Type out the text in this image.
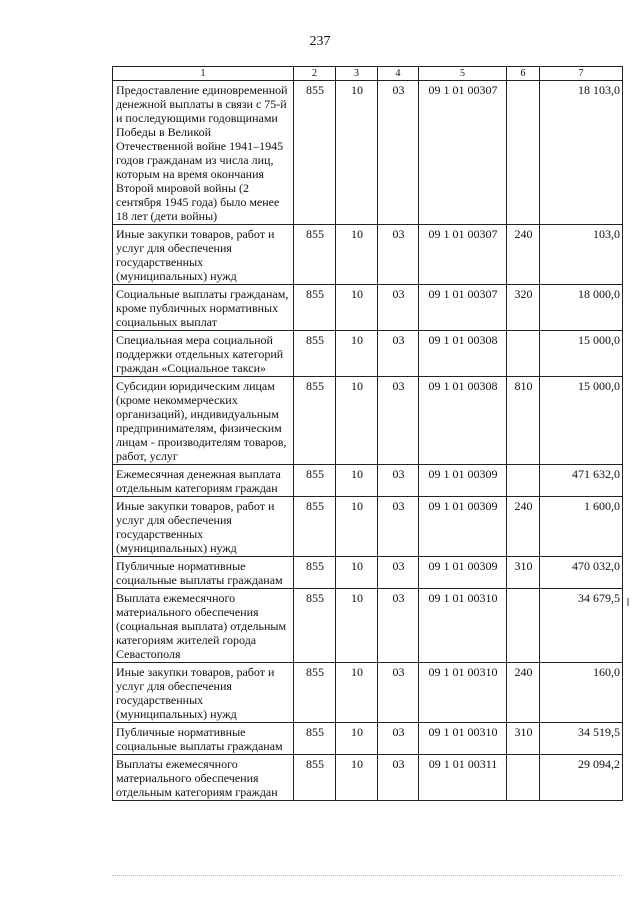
237
1	2	3	4	5	6	7
Предоставление единовременной денежной выплаты в связи с 75-й и последующими годовщинами Победы в Великой Отечественной войне 1941–1945 годов гражданам из числа лиц, которым на время окончания Второй мировой войны (2 сентября 1945 года) было менее 18 лет (дети войны)	855	10	03	09 1 01 00307		18 103,0
Иные закупки товаров, работ и услуг для обеспечения государственных (муниципальных) нужд	855	10	03	09 1 01 00307	240	103,0
Социальные выплаты гражданам, кроме публичных нормативных социальных выплат	855	10	03	09 1 01 00307	320	18 000,0
Специальная мера социальной поддержки отдельных категорий граждан «Социальное такси»	855	10	03	09 1 01 00308		15 000,0
Субсидии юридическим лицам (кроме некоммерческих организаций), индивидуальным предпринимателям, физическим лицам - производителям товаров, работ, услуг	855	10	03	09 1 01 00308	810	15 000,0
Ежемесячная денежная выплата отдельным категориям граждан	855	10	03	09 1 01 00309		471 632,0
Иные закупки товаров, работ и услуг для обеспечения государственных (муниципальных) нужд	855	10	03	09 1 01 00309	240	1 600,0
Публичные нормативные социальные выплаты гражданам	855	10	03	09 1 01 00309	310	470 032,0
Выплата ежемесячного материального обеспечения (социальная выплата) отдельным категориям жителей города Севастополя	855	10	03	09 1 01 00310		34 679,5
Иные закупки товаров, работ и услуг для обеспечения государственных (муниципальных) нужд	855	10	03	09 1 01 00310	240	160,0
Публичные нормативные социальные выплаты гражданам	855	10	03	09 1 01 00310	310	34 519,5
Выплаты ежемесячного материального обеспечения отдельным категориям граждан	855	10	03	09 1 01 00311		29 094,2
